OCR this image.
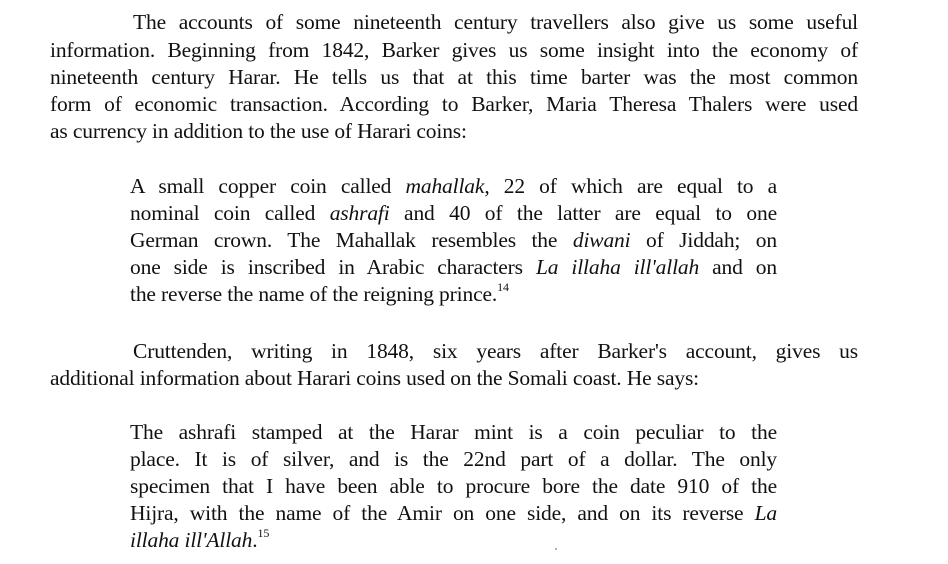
The accounts of some nineteenth century travellers also give us some useful
information. Beginning from 1842, Barker gives us some insight into the economy of
nineteenth century Harar. He tells us that at this time barter was the most common
form of economic transaction. According to Barker, Maria Theresa Thalers were used
as currency in addition to the use of Harari coins:
A small copper coin called mahallak, 22 of which are equal to a
nominal coin called ashrafi and 40 of the latter are equal to one
German crown. The Mahallak resembles the diwani of Jiddah; on
one side is inscribed in Arabic characters La illaha ill'allah and on
the reverse the name of the reigning prince.$^{14}$
Cruttenden, writing in 1848, six years after Barker's account, gives us
additional information about Harari coins used on the Somali coast. He says:
The ashrafi stamped at the Harar mint is a coin peculiar to the
place. It is of silver, and is the 22nd part of a dollar. The only
specimen that I have been able to procure bore the date 910 of the
Hijra, with the name of the Amir on one side, and on its reverse La
illaha ill'Allah.$^{15}$
